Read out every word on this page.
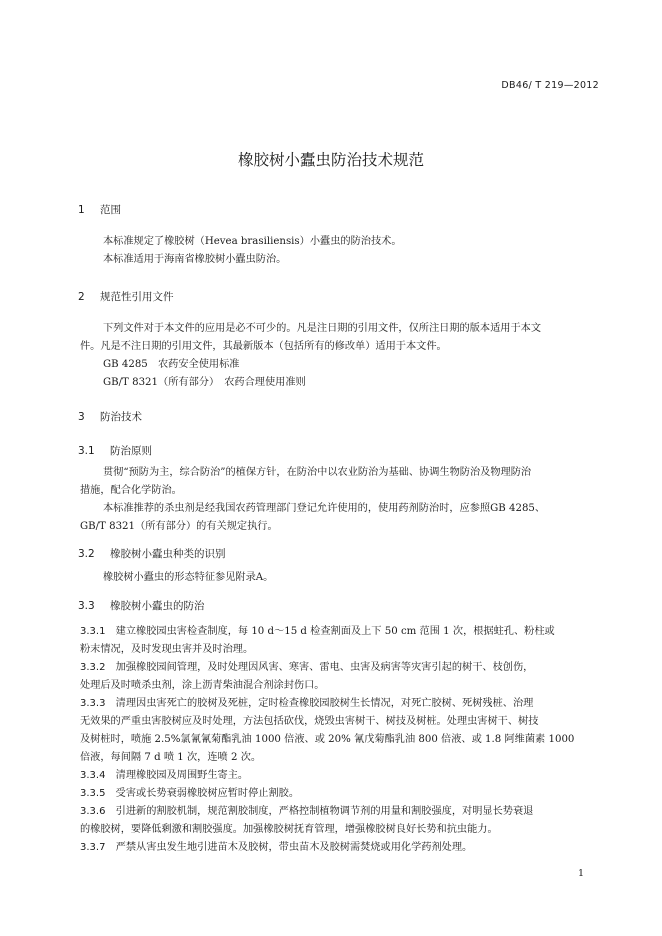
DB46/ T 219—2012
橡胶树小蠹虫防治技术规范
1 范围
本标准规定了橡胶树（Hevea brasiliensis）小蠹虫的防治技术。
本标准适用于海南省橡胶树小蠹虫防治。
2 规范性引用文件
下列文件对于本文件的应用是必不可少的。凡是注日期的引用文件，仅所注日期的版本适用于本文
件。凡是不注日期的引用文件，其最新版本（包括所有的修改单）适用于本文件。
GB 4285　农药安全使用标准
GB/T 8321（所有部分）　农药合理使用准则
3 防治技术
3.1 防治原则
贯彻“预防为主，综合防治”的植保方针，在防治中以农业防治为基础、协调生物防治及物理防治
措施，配合化学防治。
本标准推荐的杀虫剂是经我国农药管理部门登记允许使用的，使用药剂防治时，应参照GB 4285、
GB/T 8321（所有部分）的有关规定执行。
3.2 橡胶树小蠹虫种类的识别
橡胶树小蠹虫的形态特征参见附录A。
3.3 橡胶树小蠹虫的防治
3.3.1　 建立橡胶园虫害检查制度，每 10 d～15 d 检查割面及上下 50 cm 范围 1 次，根据蛀孔、粉柱或
粉末情况，及时发现虫害并及时治理。
3.3.2　 加强橡胶园间管理，及时处理因风害、寒害、雷电、虫害及病害等灾害引起的树干、枝创伤，
处理后及时喷杀虫剂，涂上沥青柴油混合剂涂封伤口。
3.3.3　 清理因虫害死亡的胶树及死桩，定时检查橡胶园胶树生长情况，对死亡胶树、死树残桩、治理
无效果的严重虫害胶树应及时处理，方法包括砍伐，烧毁虫害树干、树技及树桩。处理虫害树干、树技
及树桩时，喷施 2.5%氯氰氰菊酯乳油 1000 倍液、或 20% 氰戊菊酯乳油 800 倍液、或 1.8 阿维菌素 1000
倍液，每间隔 7 d 喷 1 次，连喷 2 次。
3.3.4　 清理橡胶园及周围野生寄主。
3.3.5　 受害或长势衰弱橡胶树应暂时停止割胶。
3.3.6　 引进新的割胶机制，规范割胶制度，严格控制植物调节剂的用量和割胶强度，对明显长势衰退
的橡胶树，要降低剩激和割胶强度。加强橡胶树抚育管理，增强橡胶树良好长势和抗虫能力。
3.3.7　 严禁从害虫发生地引进苗木及胶树，带虫苗木及胶树需焚烧或用化学药剂处理。
1
